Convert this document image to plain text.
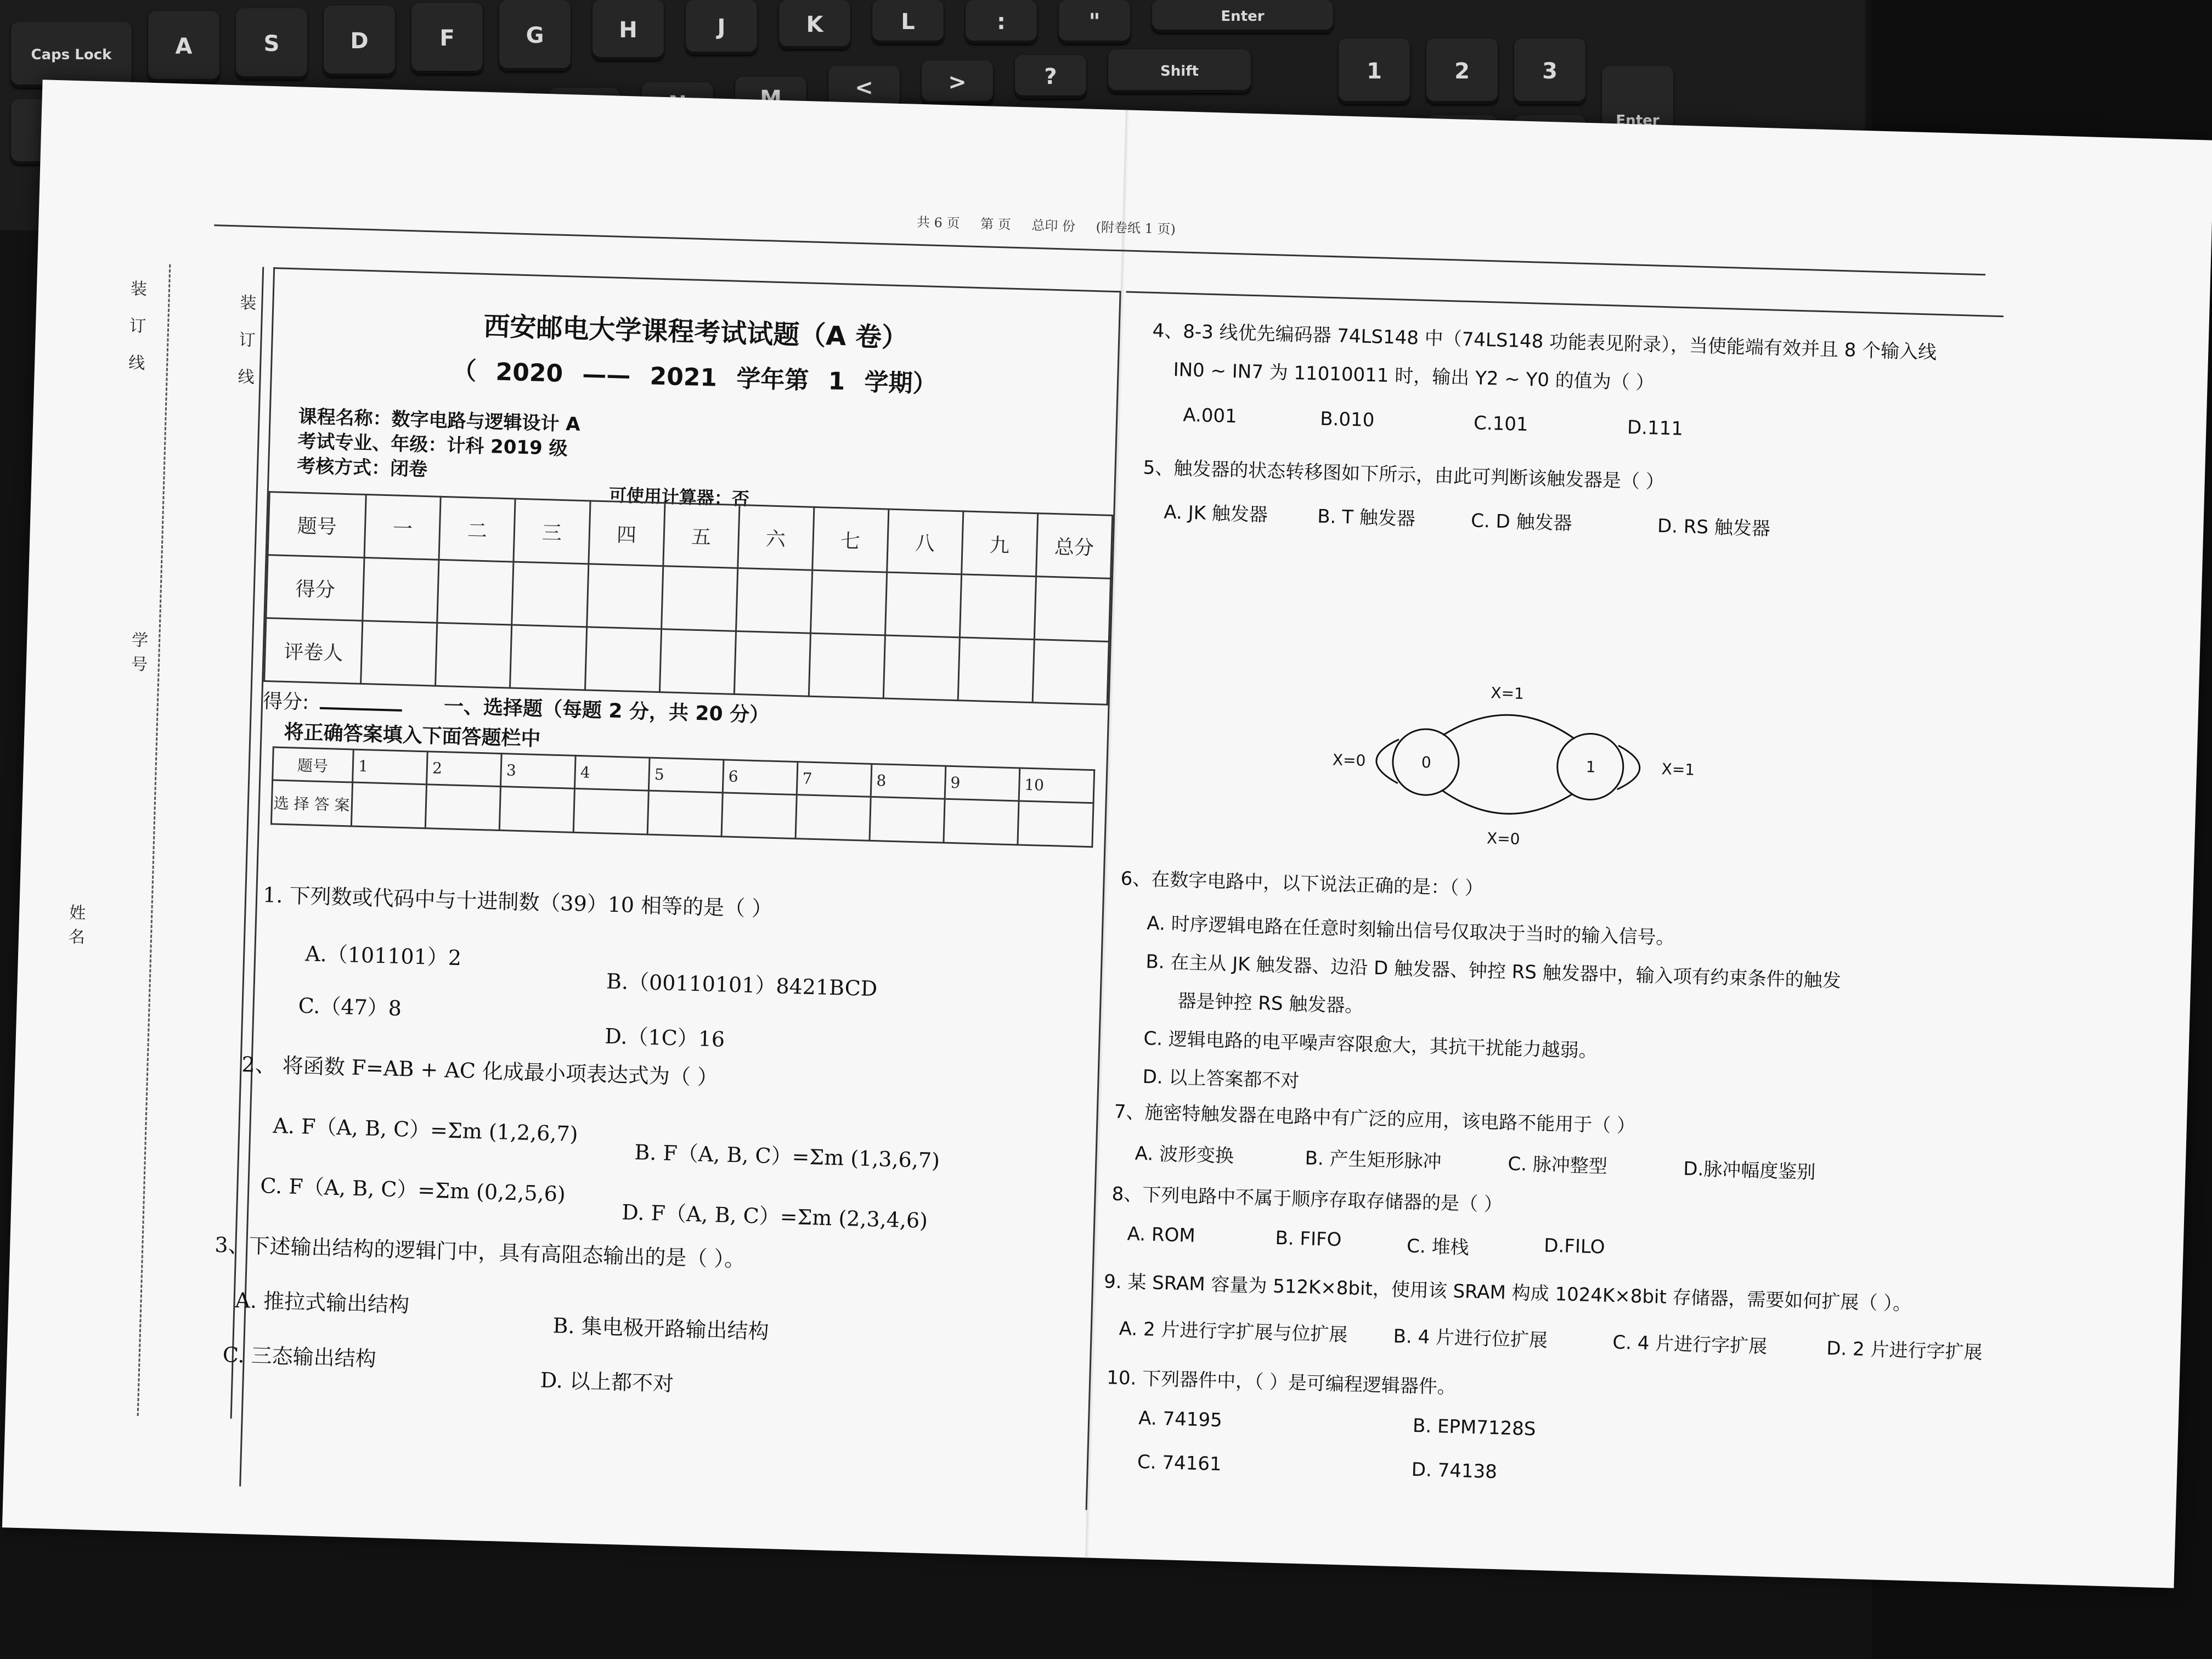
Caps Lock	A	S	D	F	G	H	J	K	L	:	"	Enter
M	<	>	?	Shift	1	2	3
Enter
共 6 页 第 页 总印 份 (附卷纸 1 页)
装 订 线	装 订 线
学号
姓名
西安邮电大学课程考试试题（A 卷）
（ 2020 —— 2021 学年第 1 学期）
课程名称：数字电路与逻辑设计 A
考试专业、年级：计科 2019 级
考核方式：闭卷
可使用计算器：否
题号	一	二	三	四	五	六	七	八	九	总分
得分										
评卷人										
得分:	一、选择题（每题 2 分，共 20 分）
将正确答案填入下面答题栏中
题号	1	2	3	4	5	6	7	8	9	10
选 择 答 案										
1. 下列数或代码中与十进制数（39）10 相等的是（ ）
A.（101101）2
B.（00110101）8421BCD
C.（47）8
D.（1C）16
2、 将函数 F=AB + AC 化成最小项表达式为（ ）
A. F（A, B, C）=Σm (1,2,6,7)
B. F（A, B, C）=Σm (1,3,6,7)
C. F（A, B, C）=Σm (0,2,5,6)
D. F（A, B, C）=Σm (2,3,4,6)
3、下述输出结构的逻辑门中，具有高阻态输出的是（ ）。
A. 推拉式输出结构
B. 集电极开路输出结构
C. 三态输出结构
D. 以上都不对
4、8-3 线优先编码器 74LS148 中（74LS148 功能表见附录），当使能端有效并且 8 个输入线
IN0 ~ IN7 为 11010011 时，输出 Y2 ~ Y0 的值为（ ）
A.001	B.010	C.101	D.111
5、触发器的状态转移图如下所示，由此可判断该触发器是（ ）
A. JK 触发器	B. T 触发器	C. D 触发器	D. RS 触发器
0	1
X=1
X=0
X=0	X=1
6、在数字电路中，以下说法正确的是：（ ）
A. 时序逻辑电路在任意时刻输出信号仅取决于当时的输入信号。
B. 在主从 JK 触发器、边沿 D 触发器、钟控 RS 触发器中，输入项有约束条件的触发
器是钟控 RS 触发器。
C. 逻辑电路的电平噪声容限愈大，其抗干扰能力越弱。
D. 以上答案都不对
7、施密特触发器在电路中有广泛的应用，该电路不能用于（ ）
A. 波形变换	B. 产生矩形脉冲	C. 脉冲整型	D.脉冲幅度鉴别
8、下列电路中不属于顺序存取存储器的是（ ）
A. ROM	B. FIFO	C. 堆栈	D.FILO
9. 某 SRAM 容量为 512K×8bit，使用该 SRAM 构成 1024K×8bit 存储器，需要如何扩展（ ）。
A. 2 片进行字扩展与位扩展 B. 4 片进行位扩展	C. 4 片进行字扩展	D. 2 片进行字扩展
10. 下列器件中，（ ）是可编程逻辑器件。
A. 74195	B. EPM7128S
C. 74161	D. 74138
